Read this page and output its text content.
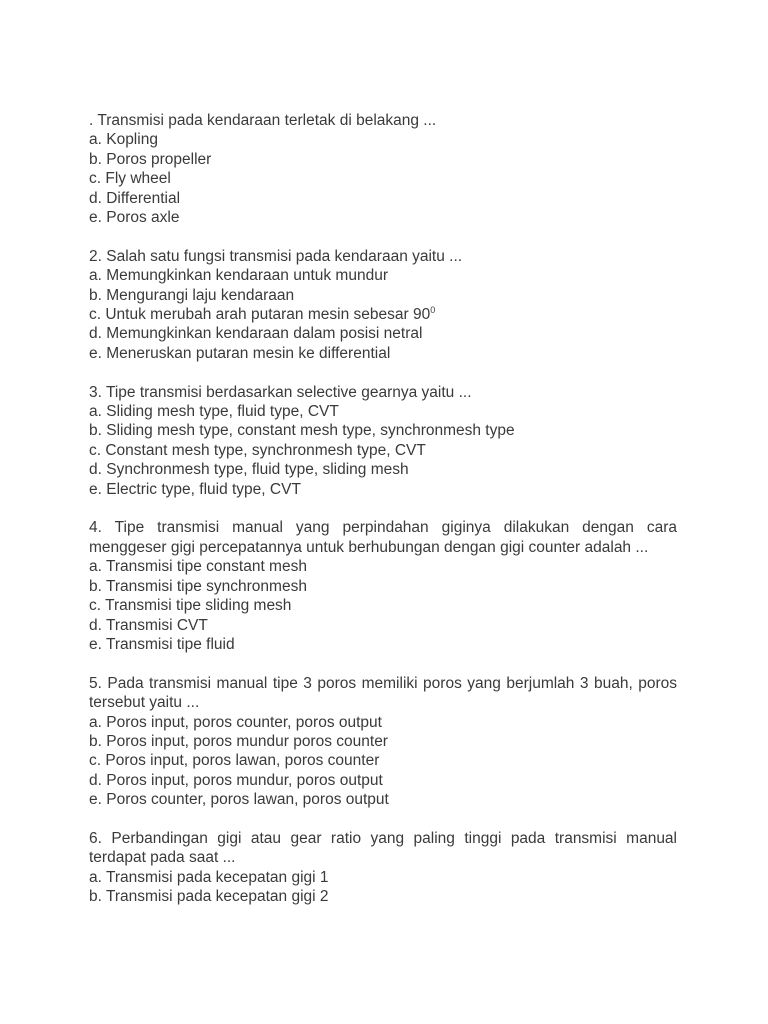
. Transmisi pada kendaraan terletak di belakang ...

a. Kopling
b. Poros propeller
c. Fly wheel
d. Differential
e. Poros axle

2. Salah satu fungsi transmisi pada kendaraan yaitu ...

a. Memungkinkan kendaraan untuk mundur
b. Mengurangi laju kendaraan
c. Untuk merubah arah putaran mesin sebesar $90^0$
d. Memungkinkan kendaraan dalam posisi netral
e. Meneruskan putaran mesin ke differential

3. Tipe transmisi berdasarkan selective gearnya yaitu ...

a. Sliding mesh type, fluid type, CVT
b. Sliding mesh type, constant mesh type, synchronmesh type
c. Constant mesh type, synchronmesh type, CVT
d. Synchronmesh type, fluid type, sliding mesh
e. Electric type, fluid type, CVT

4. Tipe transmisi manual yang perpindahan giginya dilakukan dengan cara menggeser gigi percepatannya untuk berhubungan dengan gigi counter adalah ...

a. Transmisi tipe constant mesh
b. Transmisi tipe synchronmesh
c. Transmisi tipe sliding mesh
d. Transmisi CVT
e. Transmisi tipe fluid

5. Pada transmisi manual tipe 3 poros memiliki poros yang berjumlah 3 buah, poros tersebut yaitu ...

a. Poros input, poros counter, poros output
b. Poros input, poros mundur poros counter
c. Poros input, poros lawan, poros counter
d. Poros input, poros mundur, poros output
e. Poros counter, poros lawan, poros output

6. Perbandingan gigi atau gear ratio yang paling tinggi pada transmisi manual terdapat pada saat ...

a. Transmisi pada kecepatan gigi 1
b. Transmisi pada kecepatan gigi 2
